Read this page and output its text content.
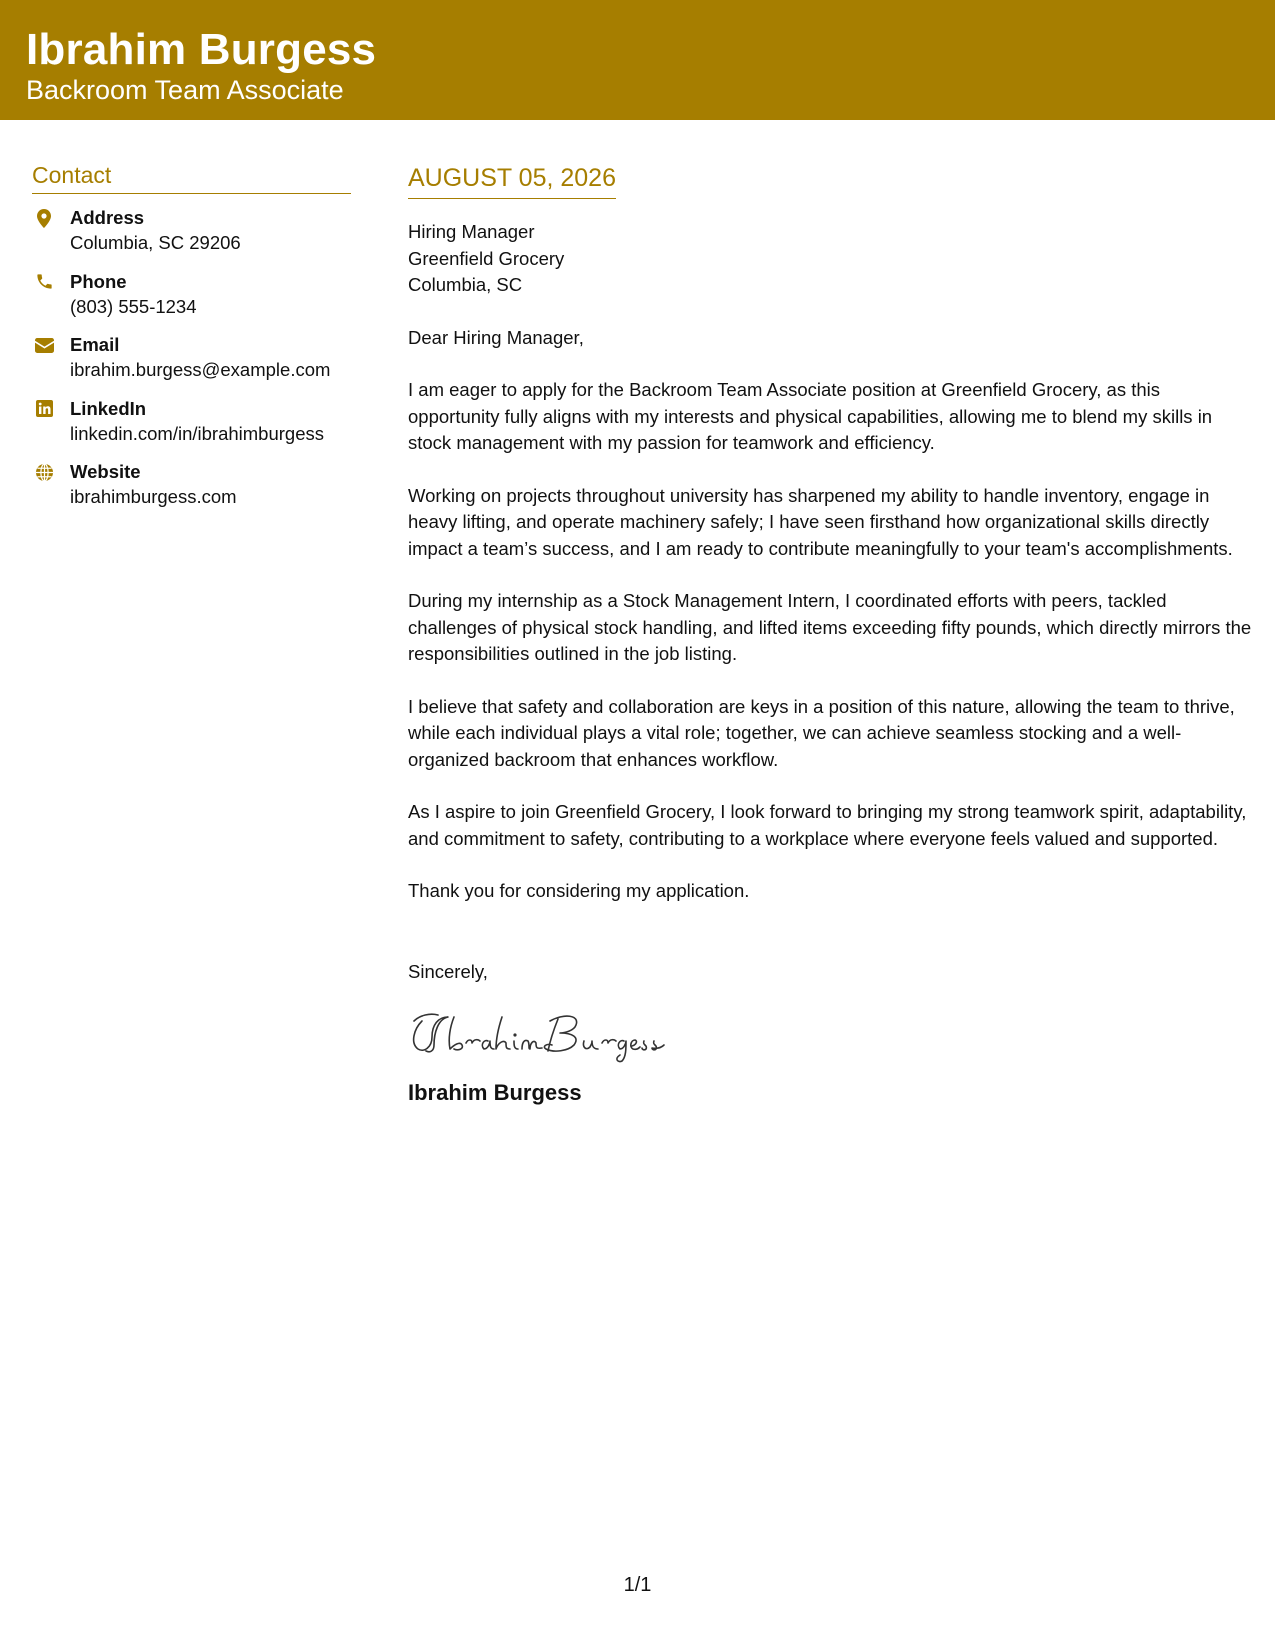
Ibrahim Burgess
Backroom Team Associate
Contact
Address
Columbia, SC 29206
Phone
(803) 555-1234
Email
ibrahim.burgess@example.com
LinkedIn
linkedin.com/in/ibrahimburgess
Website
ibrahimburgess.com
AUGUST 05, 2026
Hiring Manager
Greenfield Grocery
Columbia, SC
Dear Hiring Manager,

I am eager to apply for the Backroom Team Associate position at Greenfield Grocery, as this opportunity fully aligns with my interests and physical capabilities, allowing me to blend my skills in stock management with my passion for teamwork and efficiency.

Working on projects throughout university has sharpened my ability to handle inventory, engage in heavy lifting, and operate machinery safely; I have seen firsthand how organizational skills directly impact a team’s success, and I am ready to contribute meaningfully to your team's accomplishments.

During my internship as a Stock Management Intern, I coordinated efforts with peers, tackled challenges of physical stock handling, and lifted items exceeding fifty pounds, which directly mirrors the responsibilities outlined in the job listing.

I believe that safety and collaboration are keys in a position of this nature, allowing the team to thrive, while each individual plays a vital role; together, we can achieve seamless stocking and a well-organized backroom that enhances workflow.

As I aspire to join Greenfield Grocery, I look forward to bringing my strong teamwork spirit, adaptability, and commitment to safety, contributing to a workplace where everyone feels valued and supported.

Thank you for considering my application.

Sincerely,
Ibrahim Burgess
1/1
